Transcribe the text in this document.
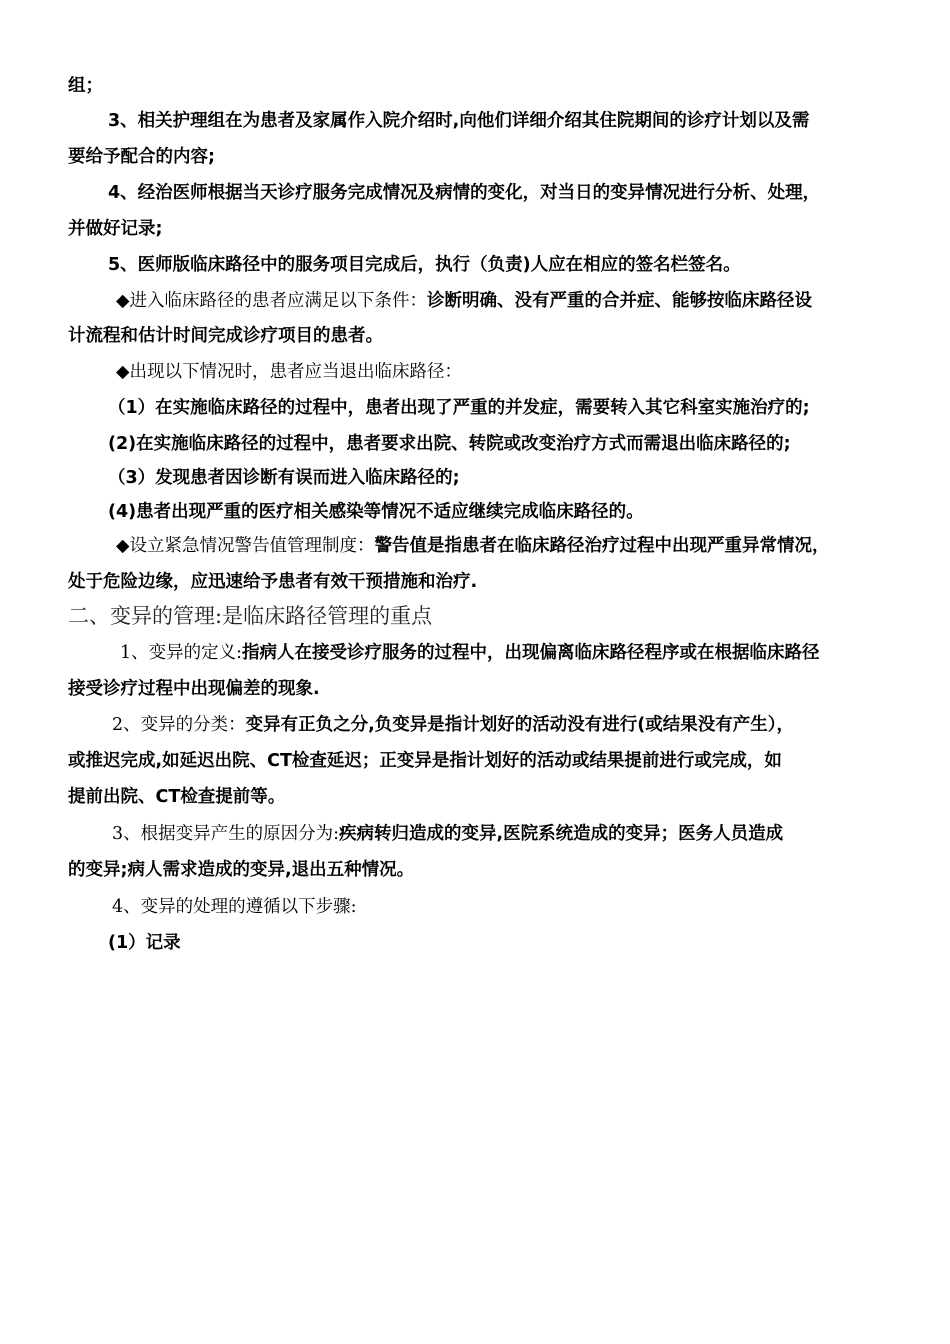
组；
3、相关护理组在为患者及家属作入院介绍时,向他们详细介绍其住院期间的诊疗计划以及需
要给予配合的内容;
4、经治医师根据当天诊疗服务完成情况及病情的变化，对当日的变异情况进行分析、处理，
并做好记录;
5、医师版临床路径中的服务项目完成后，执行（负责)人应在相应的签名栏签名。
◆进入临床路径的患者应满足以下条件：诊断明确、没有严重的合并症、能够按临床路径设
计流程和估计时间完成诊疗项目的患者。
◆出现以下情况时，患者应当退出临床路径：
（1）在实施临床路径的过程中，患者出现了严重的并发症，需要转入其它科室实施治疗的;
(2)在实施临床路径的过程中，患者要求出院、转院或改变治疗方式而需退出临床路径的;
（3）发现患者因诊断有误而进入临床路径的;
(4)患者出现严重的医疗相关感染等情况不适应继续完成临床路径的。
◆设立紧急情况警告值管理制度：警告值是指患者在临床路径治疗过程中出现严重异常情况，
处于危险边缘，应迅速给予患者有效干预措施和治疗.
二、变异的管理:是临床路径管理的重点
1、变异的定义:指病人在接受诊疗服务的过程中，出现偏离临床路径程序或在根据临床路径
接受诊疗过程中出现偏差的现象.
2、变异的分类：变异有正负之分,负变异是指计划好的活动没有进行(或结果没有产生），
或推迟完成,如延迟出院、CT检查延迟；正变异是指计划好的活动或结果提前进行或完成，如
提前出院、CT检查提前等。
3、根据变异产生的原因分为:疾病转归造成的变异,医院系统造成的变异；医务人员造成
的变异;病人需求造成的变异,退出五种情况。
4、变异的处理的遵循以下步骤:
(1）记录
